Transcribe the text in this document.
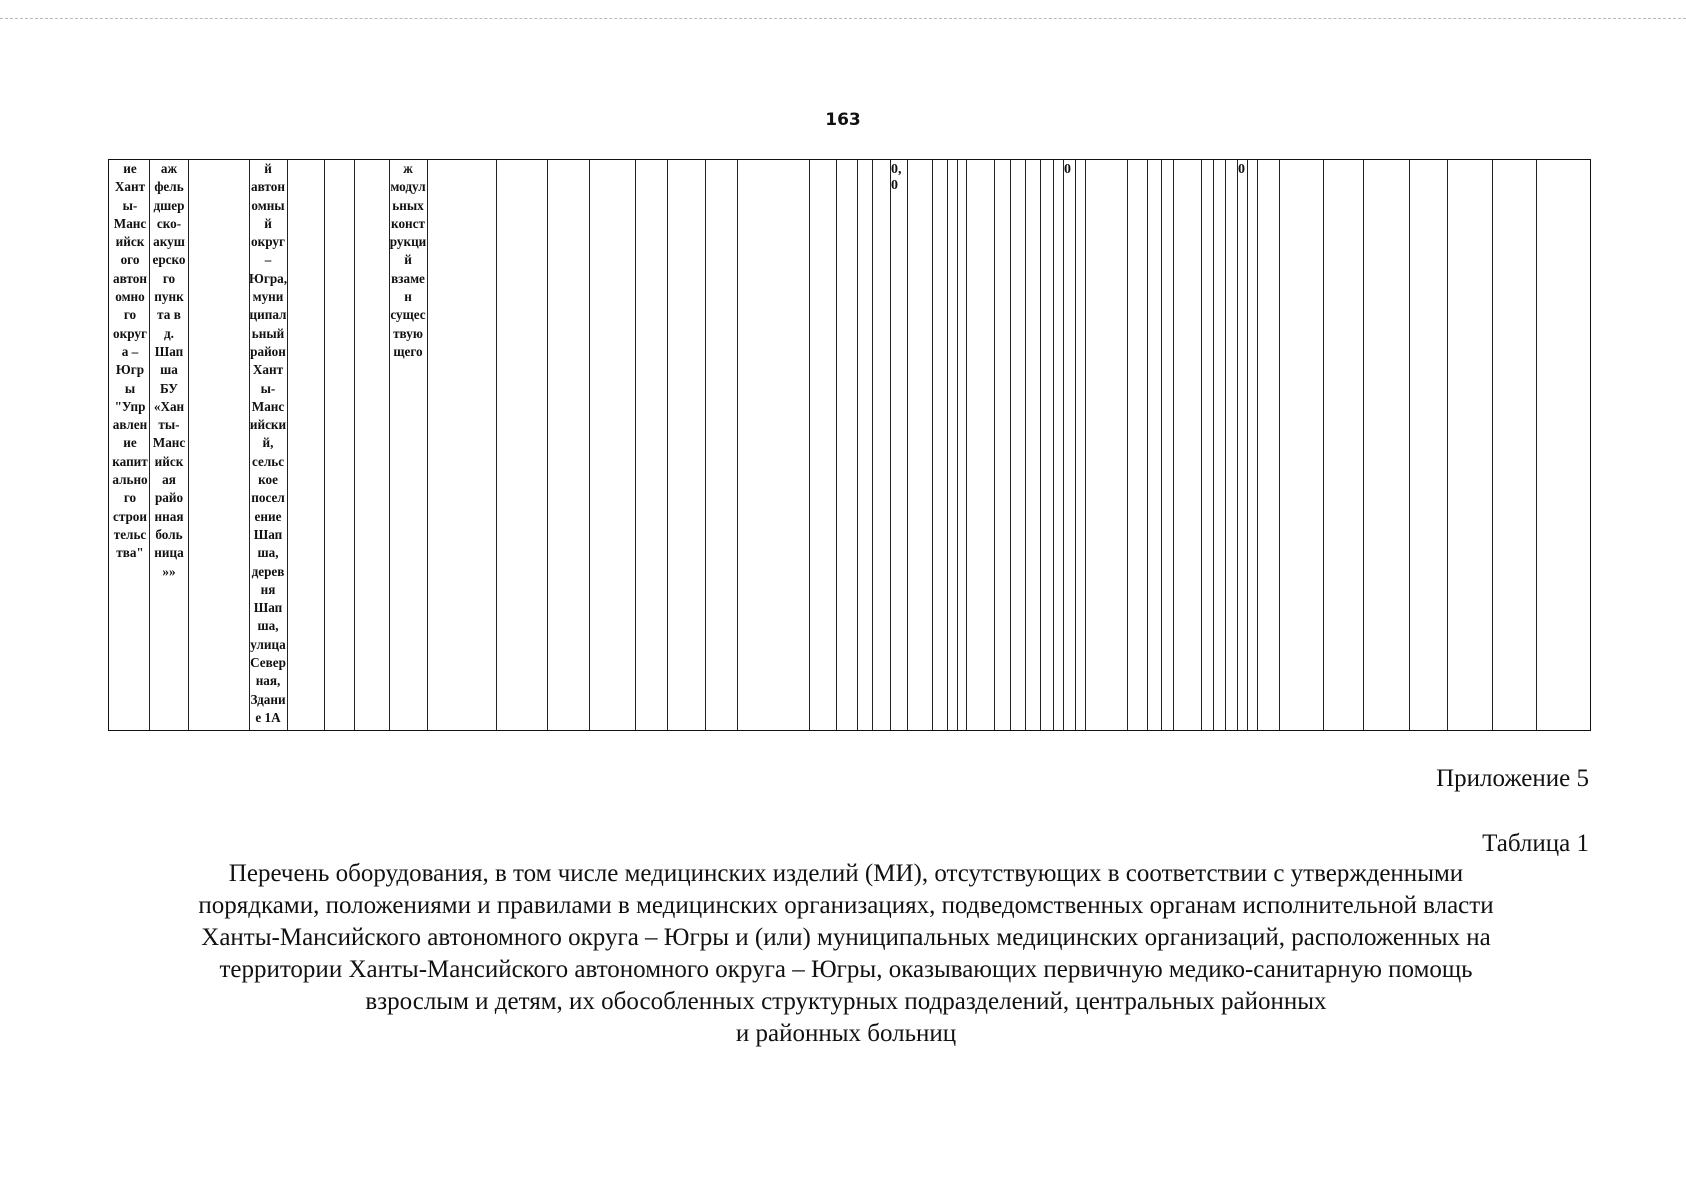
163
ие
Хант
ы-
Манс
ийск
ого
автон
омно
го
округ
а –
Югр
ы
"Упр
авлен
ие
капит
ально
го
строи
тельс
тва"
аж
фель
дшер
ско-
акуш
ерско
го
пунк
та в
д.
Шап
ша
БУ
«Хан
ты-
Манс
ийск
ая
райо
нная
боль
ница
»»
й
автон
омны
й
округ
–
Югра,
муни
ципал
ьный
район
Хант
ы-
Манс
ийски
й,
сельс
кое
посел
ение
Шап
ша,
дерев
ня
Шап
ша,
улица
Север
ная,
Здани
е 1А
ж
модул
ьных
конст
рукци
й
взаме
н
сущес
твую
щего
0,
0
0	0
Приложение 5
Таблица 1
Перечень оборудования, в том числе медицинских изделий (МИ), отсутствующих в соответствии с утвержденными
порядками, положениями и правилами в медицинских организациях, подведомственных органам исполнительной власти
Ханты-Мансийского автономного округа – Югры и (или) муниципальных медицинских организаций, расположенных на
территории Ханты-Мансийского автономного округа – Югры, оказывающих первичную медико-санитарную помощь
взрослым и детям, их обособленных структурных подразделений, центральных районных
и районных больниц
